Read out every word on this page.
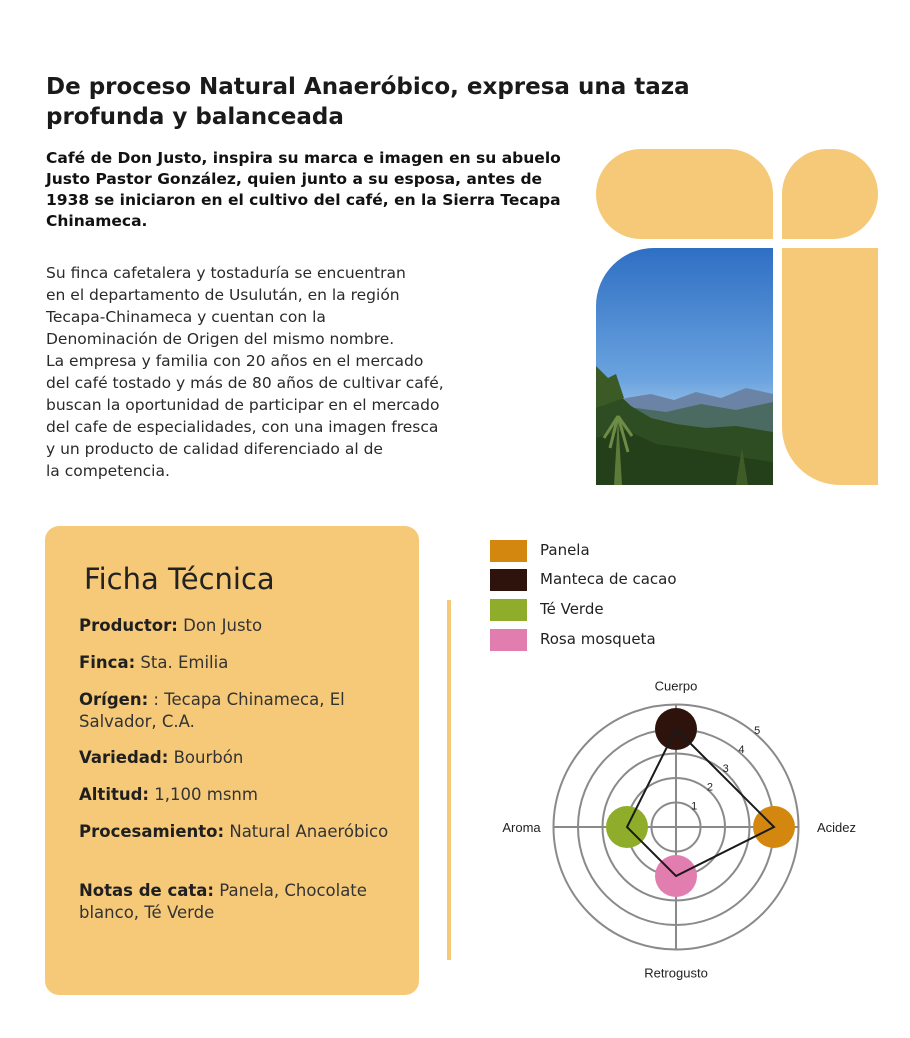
De proceso Natural Anaeróbico, expresa una taza
profunda y balanceada

Café de Don Justo, inspira su marca e imagen en su abuelo Justo Pastor González, quien junto a su esposa, antes de 1938 se iniciaron en el cultivo del café, en la Sierra Tecapa Chinameca.

Su finca cafetalera y tostaduría se encuentran
en el departamento de Usulután, en la región
Tecapa-Chinameca y cuentan con la
Denominación de Origen del mismo nombre.
La empresa y familia con 20 años en el mercado
del café tostado y más de 80 años de cultivar café,
buscan la oportunidad de participar en el mercado
del cafe de especialidades, con una imagen fresca
y un producto de calidad diferenciado al de
la competencia.

Ficha Técnica

Productor: Don Justo

Finca: Sta. Emilia

Orígen: : Tecapa Chinameca, El Salvador, C.A.

Variedad: Bourbón

Altitud: 1,100 msnm

Procesamiento: Natural Anaeróbico

Notas de cata: Panela, Chocolate blanco, Té Verde

Panela
Manteca de cacao
Té Verde
Rosa mosqueta
1
2
3
4
5
Cuerpo
Acidez
Retrogusto
Aroma
